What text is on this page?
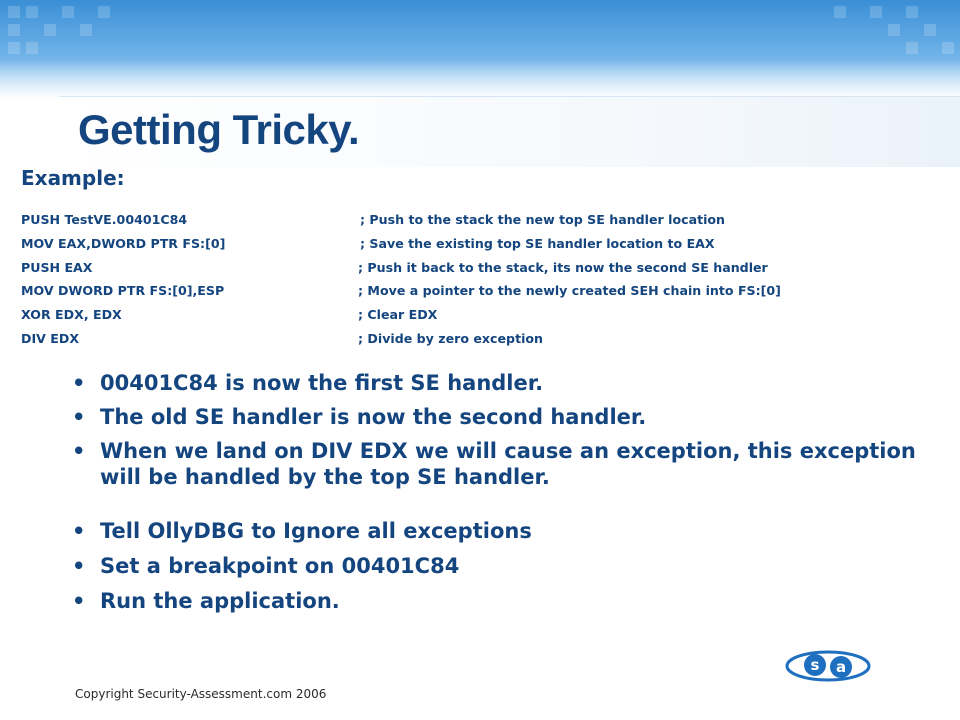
Getting Tricky.
Example:
PUSH TestVE.00401C84	; Push to the stack the new top SE handler location
MOV EAX,DWORD PTR FS:[0]	; Save the existing top SE handler location to EAX
PUSH EAX	; Push it back to the stack, its now the second SE handler
MOV DWORD PTR FS:[0],ESP	; Move a pointer to the newly created SEH chain into FS:[0]
XOR EDX, EDX	; Clear EDX
DIV EDX	; Divide by zero exception
• 00401C84 is now the first SE handler.
• The old SE handler is now the second handler.
• When we land on DIV EDX we will cause an exception, this exception will be handled by the top SE handler.
• Tell OllyDBG to Ignore all exceptions
• Set a breakpoint on 00401C84
• Run the application.
s a
Copyright Security-Assessment.com 2006
